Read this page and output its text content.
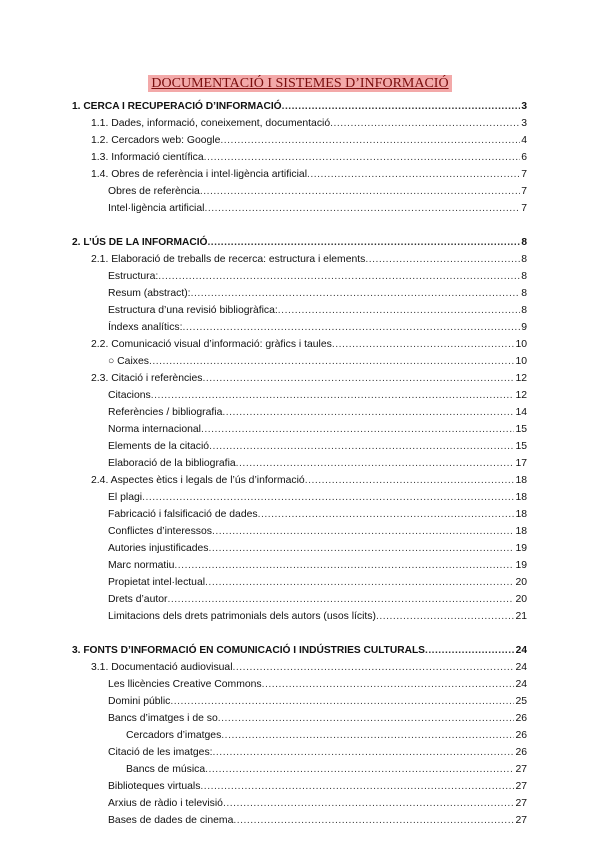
DOCUMENTACIÓ I SISTEMES D’INFORMACIÓ
1. CERCA I RECUPERACIÓ D’INFORMACIÓ .....	3
1.1. Dades, informació, coneixement, documentació .....	3
1.2. Cercadors web: Google .....	4
1.3. Informació científica .....	6
1.4. Obres de referència i intel·ligència artificial .....	7
Obres de referència .....	7
Intel·ligència artificial .....	7
2. L’ÚS DE LA INFORMACIÓ .....	8
2.1. Elaboració de treballs de recerca: estructura i elements .....	8
Estructura: .....	8
Resum (abstract): .....	8
Estructura d’una revisió bibliogràfica: .....	8
Índexs analítics: .....	9
2.2. Comunicació visual d’informació: gràfics i taules .....	10
○ Caixes .....	10
2.3. Citació i referències .....	12
Citacions .....	12
Referències / bibliografia .....	14
Norma internacional .....	15
Elements de la citació .....	15
Elaboració de la bibliografia .....	17
2.4. Aspectes ètics i legals de l’ús d’informació .....	18
El plagi .....	18
Fabricació i falsificació de dades .....	18
Conflictes d’interessos .....	18
Autories injustificades .....	19
Marc normatiu .....	19
Propietat intel·lectual .....	20
Drets d’autor .....	20
Limitacions dels drets patrimonials dels autors (usos lícits) .....	21
3. FONTS D’INFORMACIÓ EN COMUNICACIÓ I INDÚSTRIES CULTURALS .....	24
3.1. Documentació audiovisual .....	24
Les llicències Creative Commons .....	24
Domini públic .....	25
Bancs d’imatges i de so .....	26
Cercadors d’imatges .....	26
Citació de les imatges: .....	26
Bancs de música .....	27
Biblioteques virtuals .....	27
Arxius de ràdio i televisió .....	27
Bases de dades de cinema .....	27
